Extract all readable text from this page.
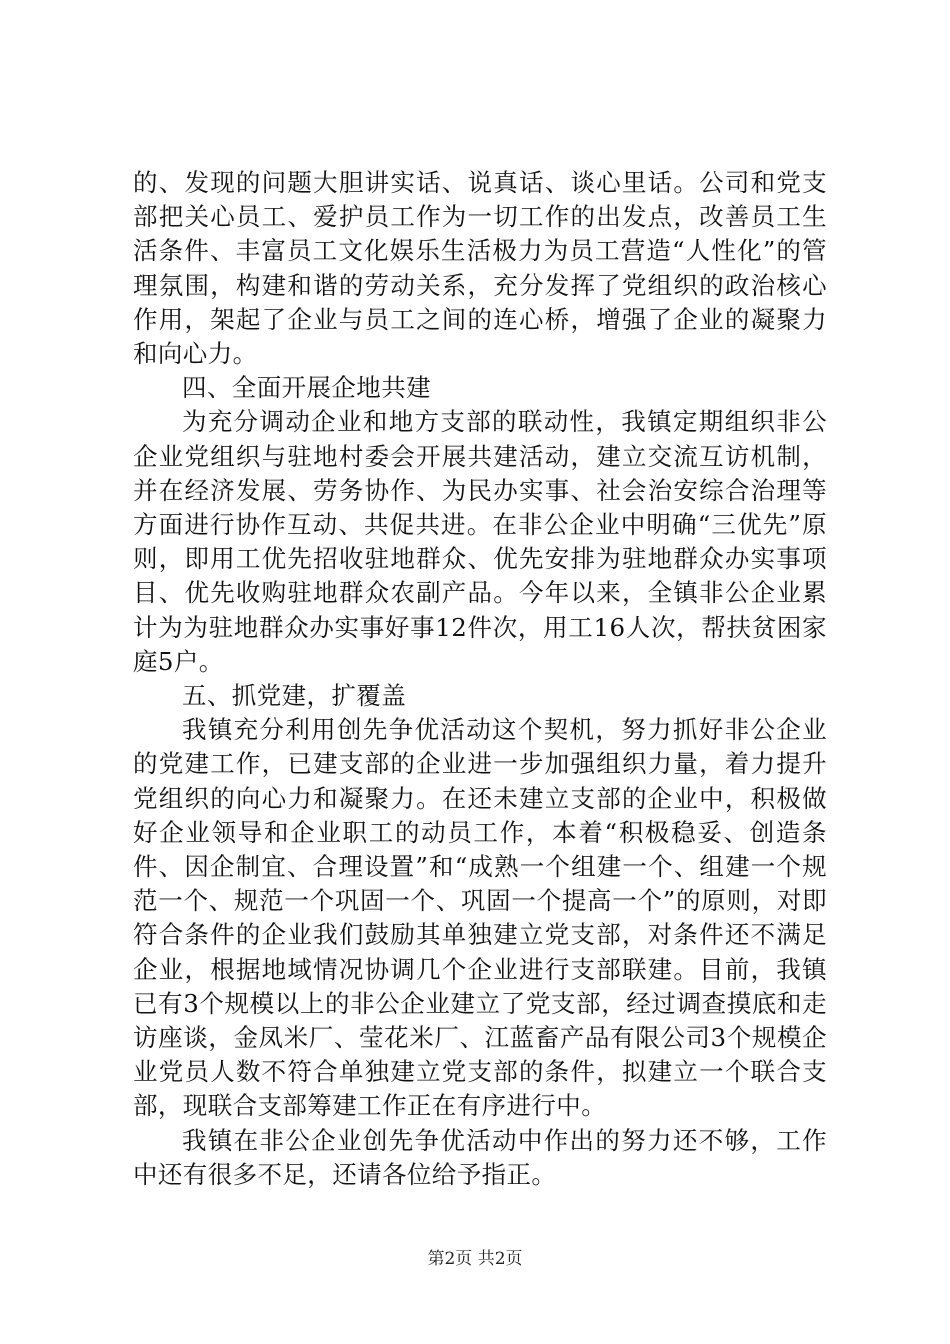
的、发现的问题大胆讲实话、说真话、谈心里话。公司和党支部把关心员工、爱护员工作为一切工作的出发点，改善员工生活条件、丰富员工文化娱乐生活极力为员工营造“人性化”的管理氛围，构建和谐的劳动关系，充分发挥了党组织的政治核心作用，架起了企业与员工之间的连心桥，增强了企业的凝聚力和向心力。

四、全面开展企地共建

为充分调动企业和地方支部的联动性，我镇定期组织非公企业党组织与驻地村委会开展共建活动，建立交流互访机制，并在经济发展、劳务协作、为民办实事、社会治安综合治理等方面进行协作互动、共促共进。在非公企业中明确“三优先”原则，即用工优先招收驻地群众、优先安排为驻地群众办实事项目、优先收购驻地群众农副产品。今年以来，全镇非公企业累计为为驻地群众办实事好事12件次，用工16人次，帮扶贫困家庭5户。

五、抓党建，扩覆盖

我镇充分利用创先争优活动这个契机，努力抓好非公企业的党建工作，已建支部的企业进一步加强组织力量，着力提升党组织的向心力和凝聚力。在还未建立支部的企业中，积极做好企业领导和企业职工的动员工作，本着“积极稳妥、创造条件、因企制宜、合理设置”和“成熟一个组建一个、组建一个规范一个、规范一个巩固一个、巩固一个提高一个”的原则，对即符合条件的企业我们鼓励其单独建立党支部，对条件还不满足企业，根据地域情况协调几个企业进行支部联建。目前，我镇已有3个规模以上的非公企业建立了党支部，经过调查摸底和走访座谈，金凤米厂、莹花米厂、江蓝畜产品有限公司3个规模企业党员人数不符合单独建立党支部的条件，拟建立一个联合支部，现联合支部筹建工作正在有序进行中。

我镇在非公企业创先争优活动中作出的努力还不够，工作中还有很多不足，还请各位给予指正。

第2页 共2页
